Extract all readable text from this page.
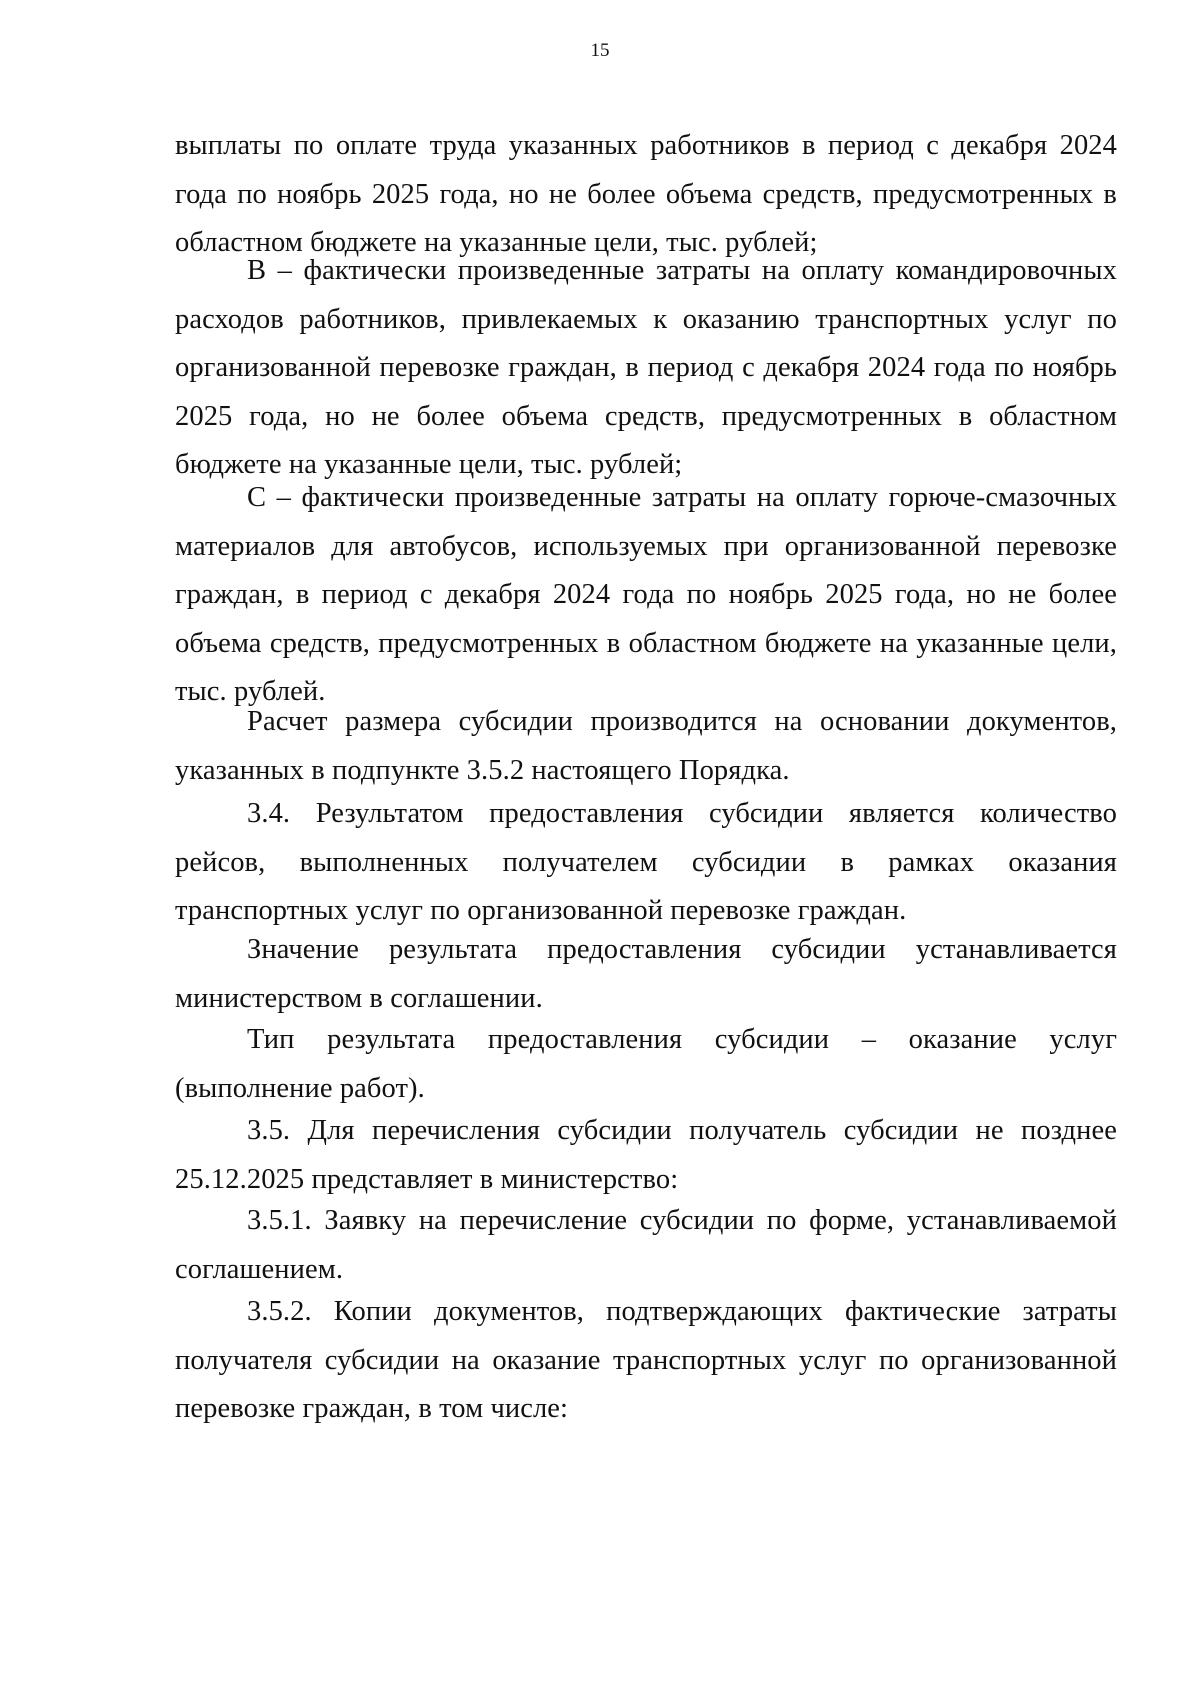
15
выплаты по оплате труда указанных работников в период с декабря 2024 года по ноябрь 2025 года, но не более объема средств, предусмотренных в областном бюджете на указанные цели, тыс. рублей;
В – фактически произведенные затраты на оплату командировочных расходов работников, привлекаемых к оказанию транспортных услуг по организованной перевозке граждан, в период с декабря 2024 года по ноябрь 2025 года, но не более объема средств, предусмотренных в областном бюджете на указанные цели, тыс. рублей;
С – фактически произведенные затраты на оплату горюче-смазочных материалов для автобусов, используемых при организованной перевозке граждан, в период с декабря 2024 года по ноябрь 2025 года, но не более объема средств, предусмотренных в областном бюджете на указанные цели, тыс. рублей.
Расчет размера субсидии производится на основании документов, указанных в подпункте 3.5.2 настоящего Порядка.
3.4. Результатом предоставления субсидии является количество рейсов, выполненных получателем субсидии в рамках оказания транспортных услуг по организованной перевозке граждан.
Значение результата предоставления субсидии устанавливается министерством в соглашении.
Тип результата предоставления субсидии – оказание услуг (выполнение работ).
3.5. Для перечисления субсидии получатель субсидии не позднее 25.12.2025 представляет в министерство:
3.5.1. Заявку на перечисление субсидии по форме, устанавливаемой соглашением.
3.5.2. Копии документов, подтверждающих фактические затраты получателя субсидии на оказание транспортных услуг по организованной перевозке граждан, в том числе:
